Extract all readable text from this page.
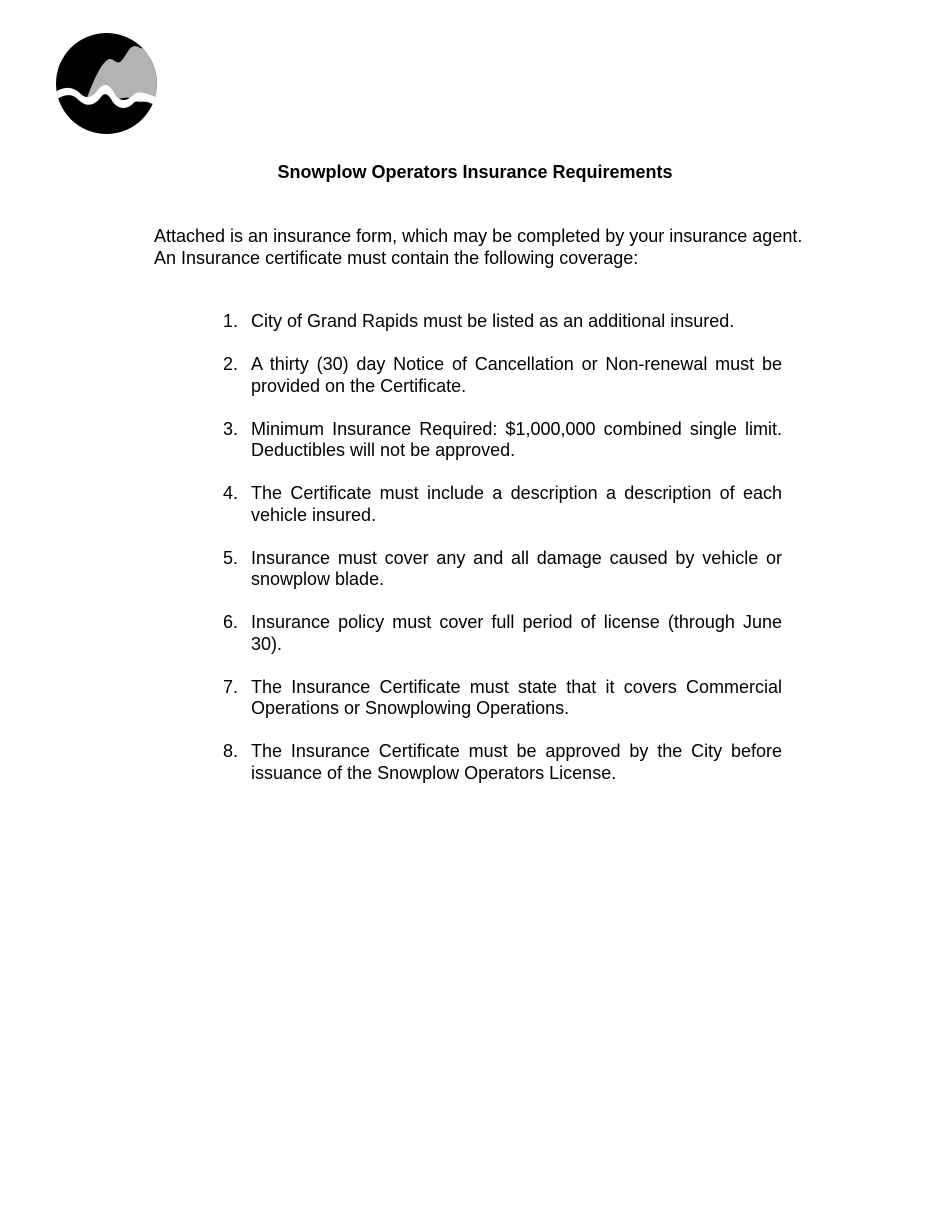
Snowplow Operators Insurance Requirements
Attached is an insurance form, which may be completed by your insurance agent.
An Insurance certificate must contain the following coverage:
1. City of Grand Rapids must be listed as an additional insured.
2. A thirty (30) day Notice of Cancellation or Non-renewal must be provided on the Certificate.
3. Minimum Insurance Required: $1,000,000 combined single limit. Deductibles will not be approved.
4. The Certificate must include a description a description of each vehicle insured.
5. Insurance must cover any and all damage caused by vehicle or snowplow blade.
6. Insurance policy must cover full period of license (through June 30).
7. The Insurance Certificate must state that it covers Commercial Operations or Snowplowing Operations.
8. The Insurance Certificate must be approved by the City before issuance of the Snowplow Operators License.
